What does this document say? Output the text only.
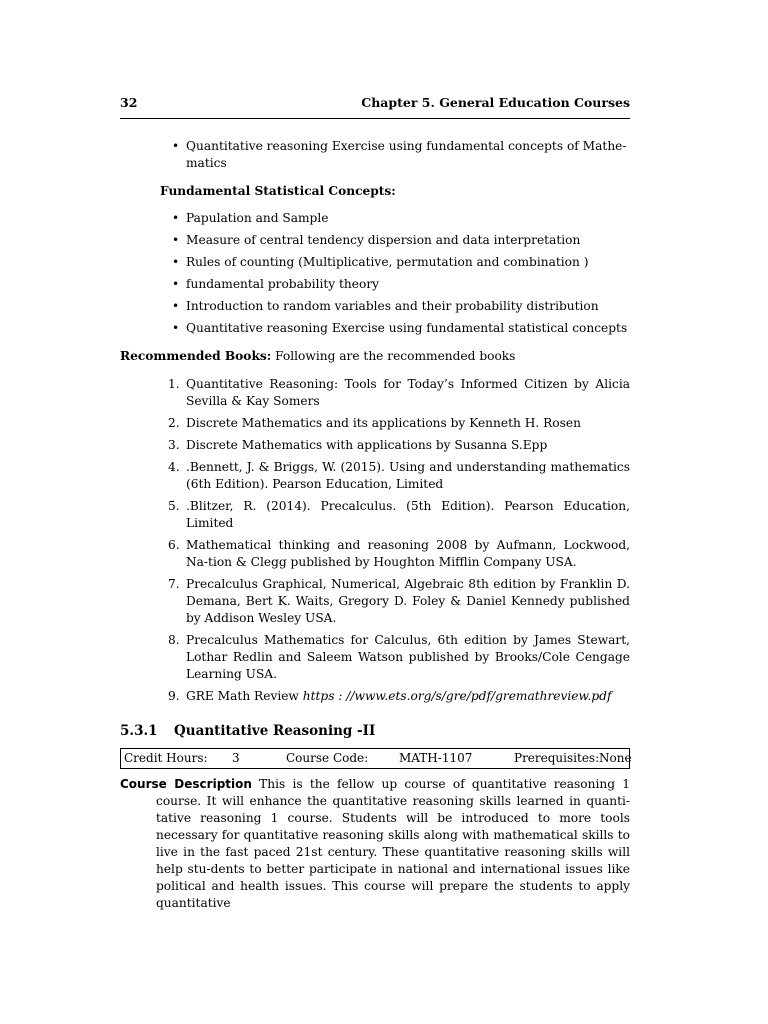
32	Chapter 5. General Education Courses
• Quantitative reasoning Exercise using fundamental concepts of Mathe-matics
Fundamental Statistical Concepts:
• Papulation and Sample
• Measure of central tendency dispersion and data interpretation
• Rules of counting (Multiplicative, permutation and combination )
• fundamental probability theory
• Introduction to random variables and their probability distribution
• Quantitative reasoning Exercise using fundamental statistical concepts
Recommended Books: Following are the recommended books
1. Quantitative Reasoning: Tools for Today’s Informed Citizen by Alicia Sevilla & Kay Somers
2. Discrete Mathematics and its applications by Kenneth H. Rosen
3. Discrete Mathematics with applications by Susanna S.Epp
4. .Bennett, J. & Briggs, W. (2015). Using and understanding mathematics (6th Edition). Pearson Education, Limited
5. .Blitzer, R. (2014). Precalculus. (5th Edition). Pearson Education, Limited
6. Mathematical thinking and reasoning 2008 by Aufmann, Lockwood, Na-tion & Clegg published by Houghton Mifflin Company USA.
7. Precalculus Graphical, Numerical, Algebraic 8th edition by Franklin D. Demana, Bert K. Waits, Gregory D. Foley & Daniel Kennedy published by Addison Wesley USA.
8. Precalculus Mathematics for Calculus, 6th edition by James Stewart, Lothar Redlin and Saleem Watson published by Brooks/Cole Cengage Learning USA.
9. GRE Math Review https : //www.ets.org/s/gre/pdf/gremathreview.pdf
5.3.1 Quantitative Reasoning -II
Credit Hours: 3	Course Code:	MATH-1107	Prerequisites: None

Course Description This is the fellow up course of quantitative reasoning 1 course. It will enhance the quantitative reasoning skills learned in quanti-tative reasoning 1 course. Students will be introduced to more tools necessary for quantitative reasoning skills along with mathematical skills to live in the fast paced 21st century. These quantitative reasoning skills will help stu-dents to better participate in national and international issues like political and health issues. This course will prepare the students to apply quantitative
